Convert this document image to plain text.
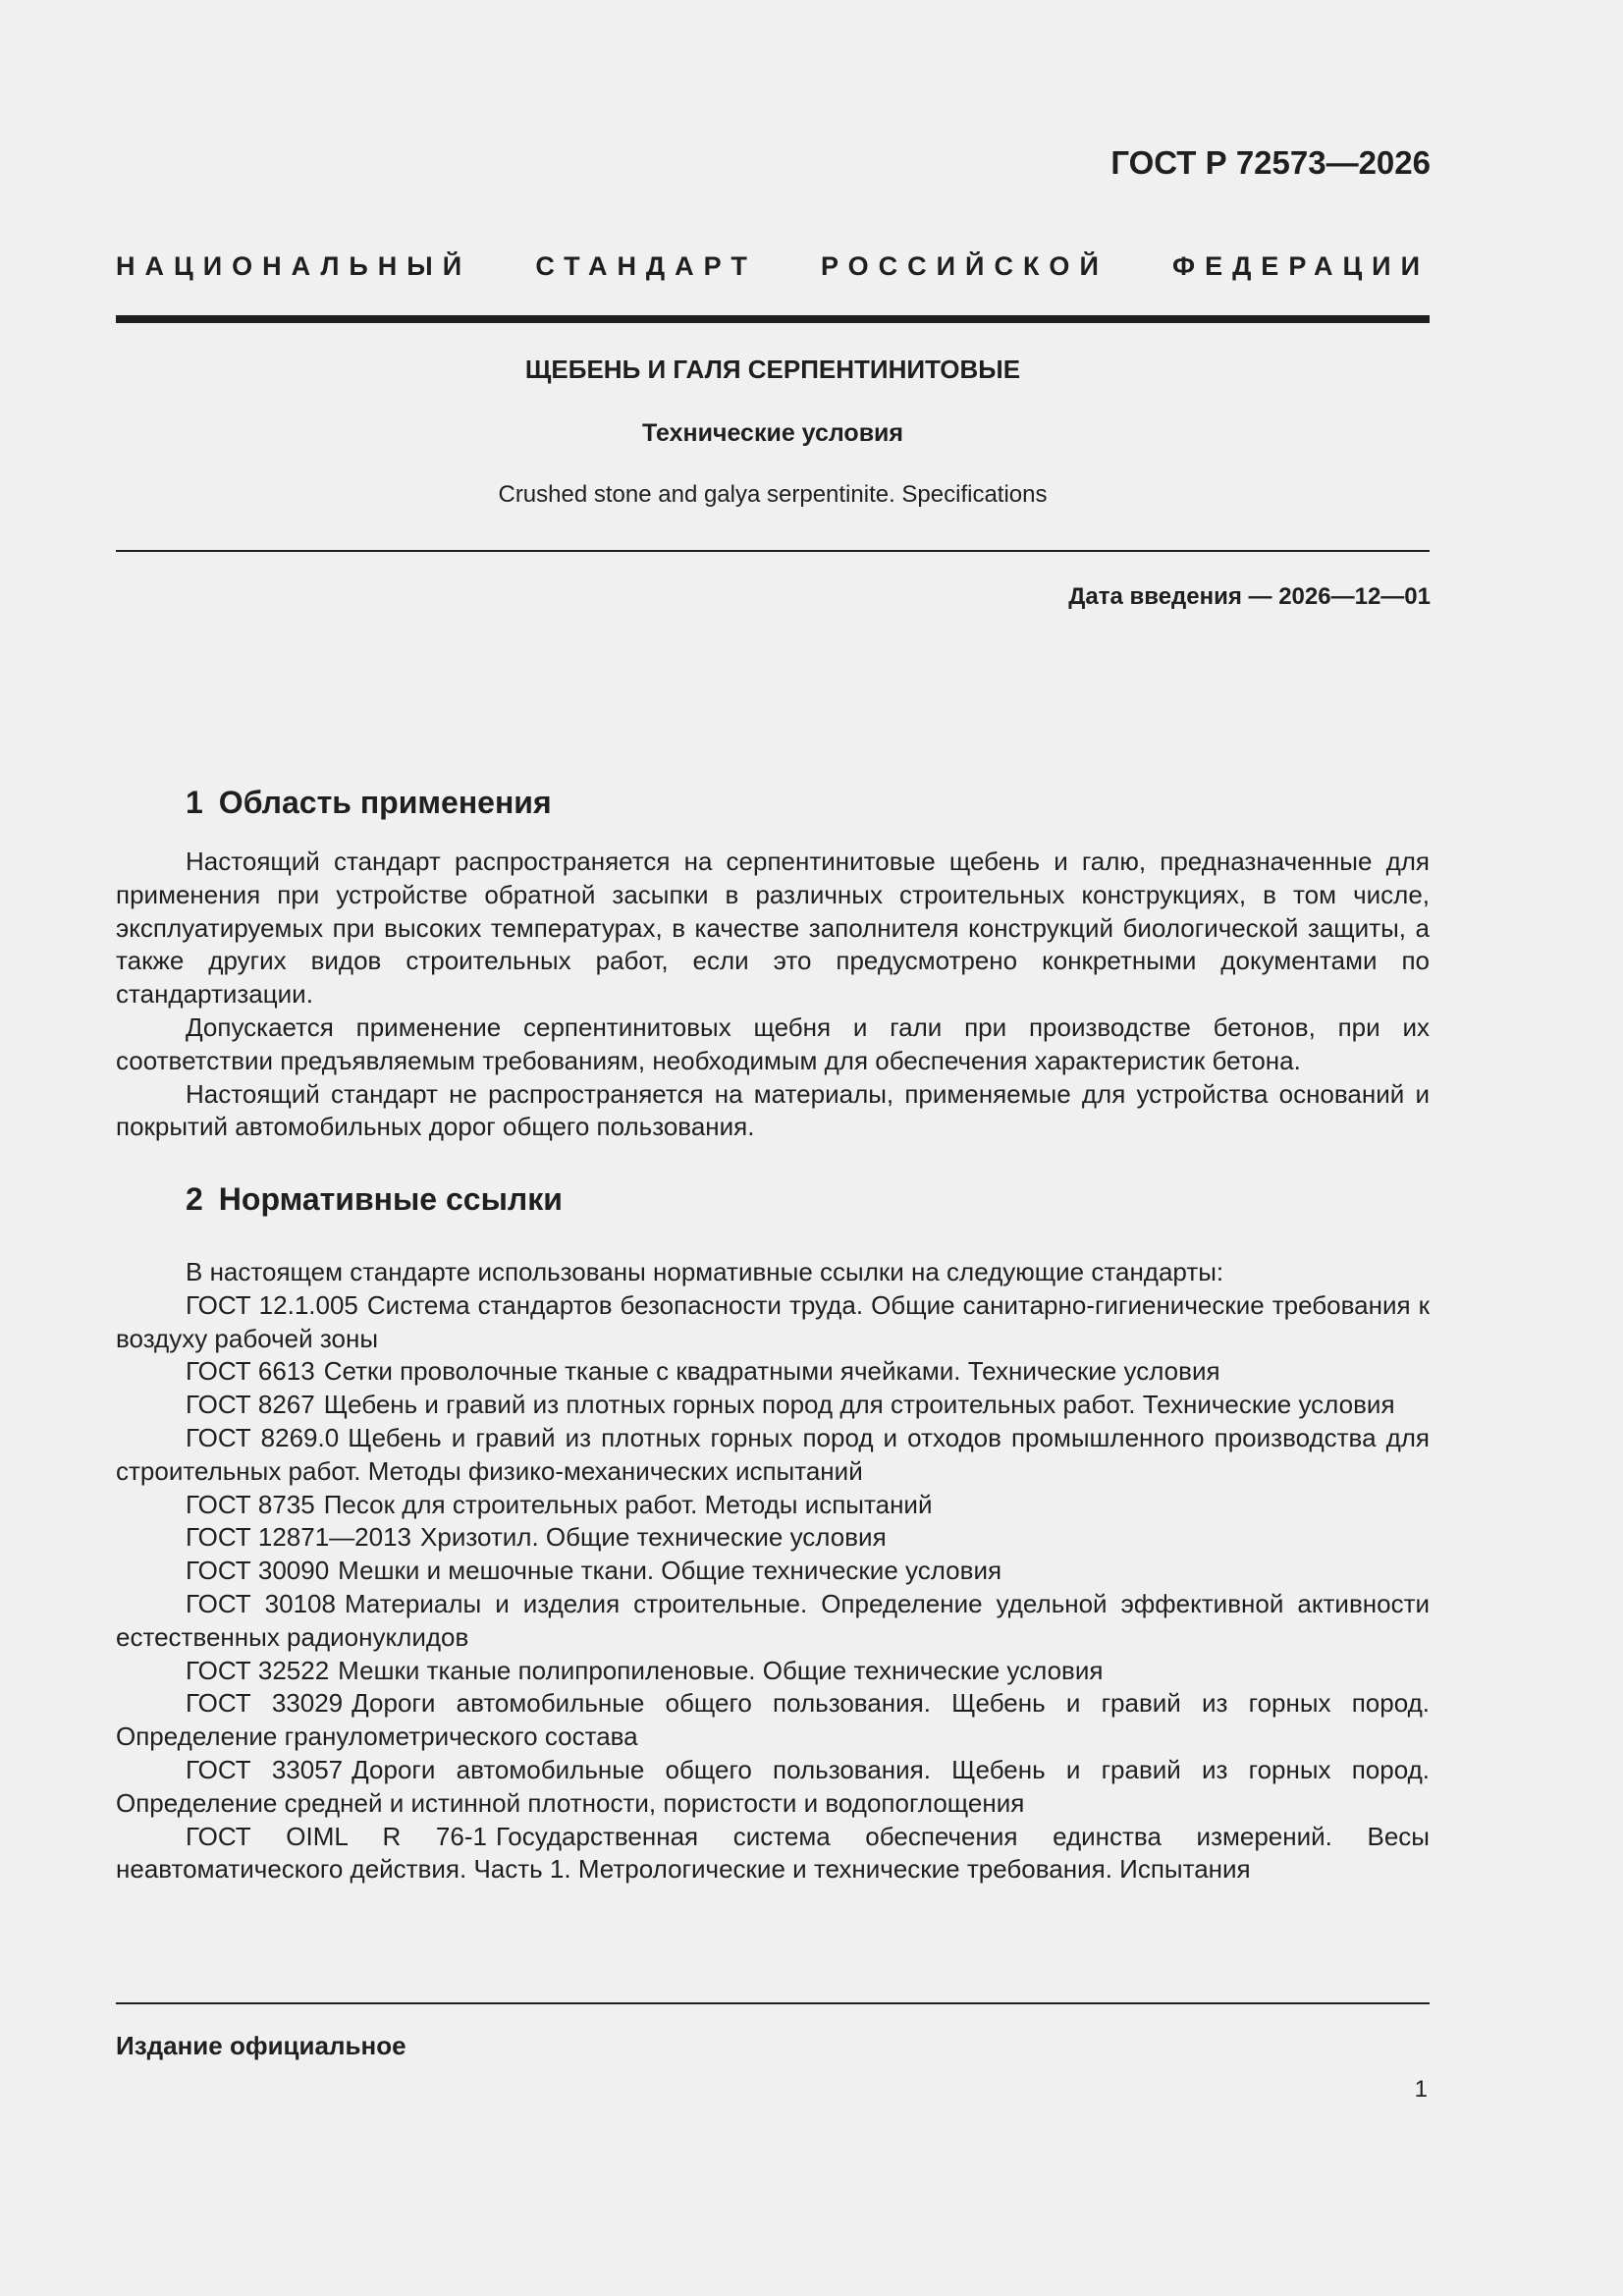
ГОСТ Р 72573—2026
НАЦИОНАЛЬНЫЙ СТАНДАРТ РОССИЙСКОЙ ФЕДЕРАЦИИ
ЩЕБЕНЬ И ГАЛЯ СЕРПЕНТИНИТОВЫЕ
Технические условия
Crushed stone and galya serpentinite. Specifications
Дата введения — 2026—12—01
1 Область применения

Настоящий стандарт распространяется на серпентинитовые щебень и галю, предназначенные для применения при устройстве обратной засыпки в различных строительных конструкциях, в том числе, эксплуатируемых при высоких температурах, в качестве заполнителя конструкций биологической защиты, а также других видов строительных работ, если это предусмотрено конкретными документами по стандартизации.

Допускается применение серпентинитовых щебня и гали при производстве бетонов, при их соответствии предъявляемым требованиям, необходимым для обеспечения характеристик бетона.

Настоящий стандарт не распространяется на материалы, применяемые для устройства оснований и покрытий автомобильных дорог общего пользования.

2 Нормативные ссылки

В настоящем стандарте использованы нормативные ссылки на следующие стандарты:

ГОСТ 12.1.005 Система стандартов безопасности труда. Общие санитарно-гигиенические требования к воздуху рабочей зоны

ГОСТ 6613 Сетки проволочные тканые с квадратными ячейками. Технические условия

ГОСТ 8267 Щебень и гравий из плотных горных пород для строительных работ. Технические условия

ГОСТ 8269.0 Щебень и гравий из плотных горных пород и отходов промышленного производства для строительных работ. Методы физико-механических испытаний

ГОСТ 8735 Песок для строительных работ. Методы испытаний

ГОСТ 12871—2013 Хризотил. Общие технические условия

ГОСТ 30090 Мешки и мешочные ткани. Общие технические условия

ГОСТ 30108 Материалы и изделия строительные. Определение удельной эффективной активности естественных радионуклидов

ГОСТ 32522 Мешки тканые полипропиленовые. Общие технические условия

ГОСТ 33029 Дороги автомобильные общего пользования. Щебень и гравий из горных пород. Определение гранулометрического состава

ГОСТ 33057 Дороги автомобильные общего пользования. Щебень и гравий из горных пород. Определение средней и истинной плотности, пористости и водопоглощения

ГОСТ OIML R 76-1 Государственная система обеспечения единства измерений. Весы неавтоматического действия. Часть 1. Метрологические и технические требования. Испытания

Издание официальное
1
